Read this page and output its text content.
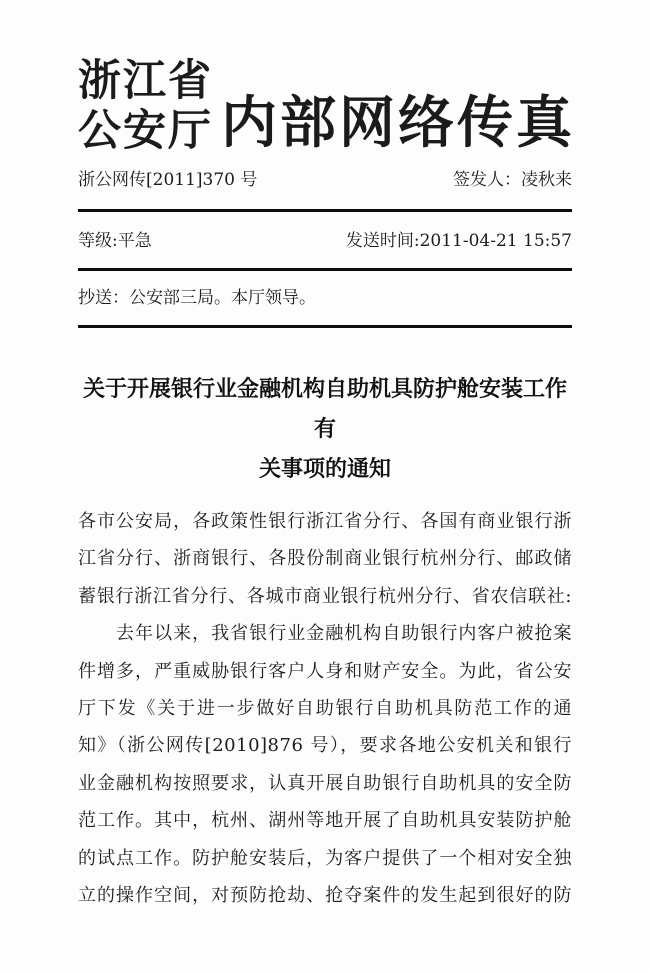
浙江省
公安厅 内部网络传真
浙公网传[2011]370 号	签发人：凌秋来
等级:平急	发送时间:2011-04-21 15:57
抄送：公安部三局。本厅领导。
关于开展银行业金融机构自助机具防护舱安装工作有
关事项的通知
各市公安局，各政策性银行浙江省分行、各国有商业银行浙
江省分行、浙商银行、各股份制商业银行杭州分行、邮政储
蓄银行浙江省分行、各城市商业银行杭州分行、省农信联社:
　　去年以来，我省银行业金融机构自助银行内客户被抢案
件增多，严重威胁银行客户人身和财产安全。为此，省公安
厅下发《关于进一步做好自助银行自助机具防范工作的通
知》（浙公网传[2010]876 号），要求各地公安机关和银行
业金融机构按照要求，认真开展自助银行自助机具的安全防
范工作。其中，杭州、湖州等地开展了自助机具安装防护舱
的试点工作。防护舱安装后，为客户提供了一个相对安全独
立的操作空间，对预防抢劫、抢夺案件的发生起到很好的防
